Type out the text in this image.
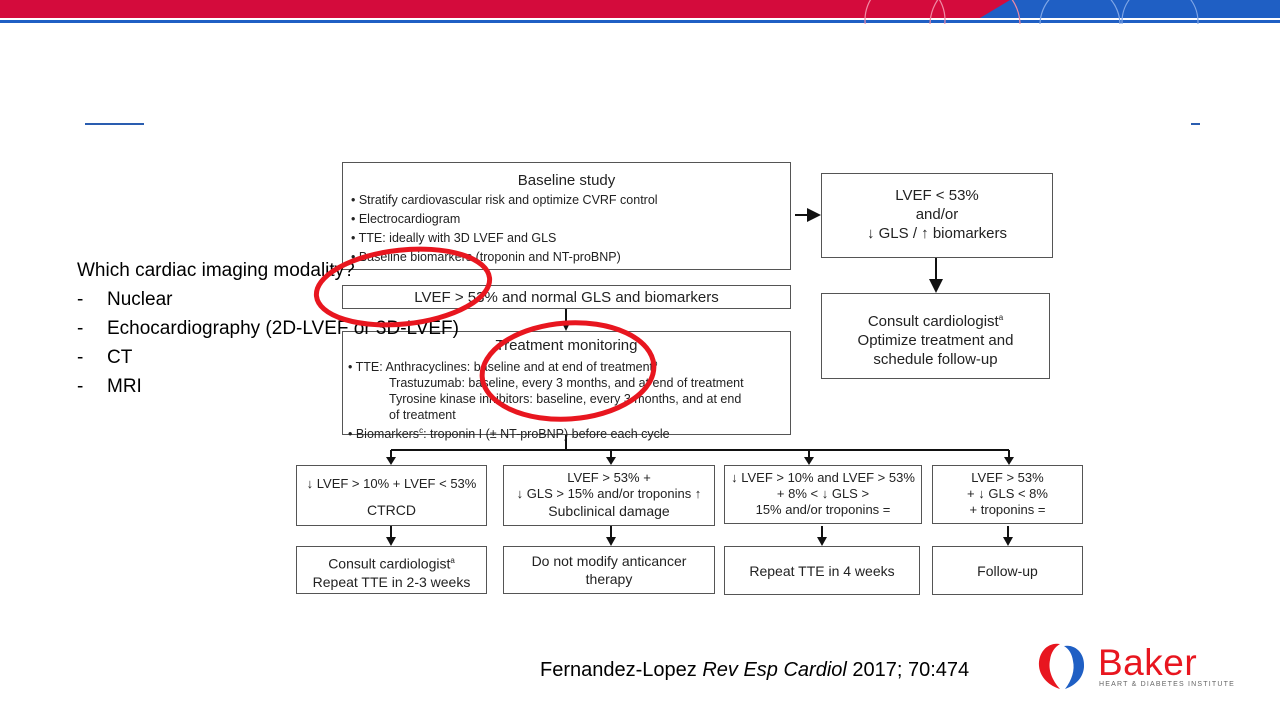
Baseline study
• Stratify cardiovascular risk and optimize CVRF control
• Electrocardiogram
• TTE: ideally with 3D LVEF and GLS
• Baseline biomarkers (troponin and NT-proBNP)
LVEF > 53% and normal GLS and biomarkers
Treatment monitoring
• TTE: Anthracyclines: baseline and at end of treatment$^b$
Trastuzumab: baseline, every 3 months, and at end of treatment
Tyrosine kinase inhibitors: baseline, every 3 months, and at end
of treatment
• Biomarkers$^c$: troponin I (± NT-proBNP) before each cycle
LVEF < 53%
and/or
↓ GLS / ↑ biomarkers
Consult cardiologist$^a$
Optimize treatment and
schedule follow-up
↓ LVEF > 10% + LVEF < 53%
CTRCD
LVEF > 53% +
↓ GLS > 15% and/or troponins ↑
Subclinical damage
↓ LVEF > 10% and LVEF > 53%
+ 8% < ↓ GLS >
15% and/or troponins =
LVEF > 53%
+ ↓ GLS < 8%
+ troponins =
Consult cardiologist$^a$
Repeat TTE in 2-3 weeks
Do not modify anticancer
therapy	Repeat TTE in 4 weeks	Follow-up
Which cardiac imaging modality?
-	Nuclear
-	Echocardiography (2D-LVEF or 3D-LVEF)
-	CT
-	MRI
Fernandez-Lopez Rev Esp Cardiol 2017; 70:474	Baker
HEART & DIABETES INSTITUTE
